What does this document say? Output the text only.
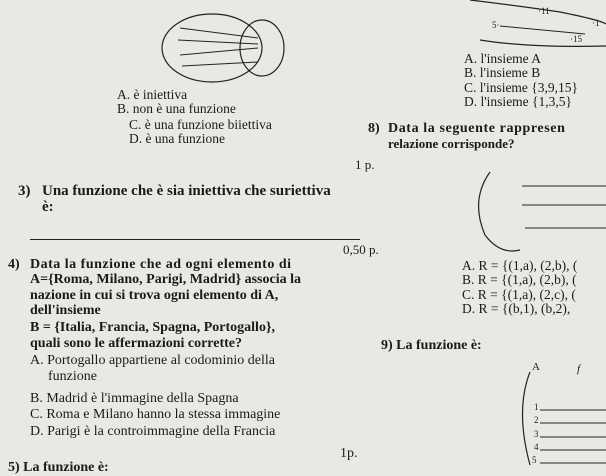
·11
5·	·1
·15
A. l'insieme A
B. l'insieme B
C. l'insieme {3,9,15}
D. l'insieme {1,3,5}
A. è iniettiva
B. non è una funzione
C. è una funzione biiettiva
D. è una funzione
8) Data la seguente rappresen
relazione corrisponde?
1 p.
3) Una funzione che è sia iniettiva che suriettiva
è:
0,50 p.
4) Data la funzione che ad ogni elemento di
A={Roma, Milano, Parigi, Madrid} associa la
nazione in cui si trova ogni elemento di A,
dell'insieme
B = {Italia, Francia, Spagna, Portogallo},
quali sono le affermazioni corrette?
A. Portogallo appartiene al codominio della
funzione
B. Madrid è l'immagine della Spagna
C. Roma e Milano hanno la stessa immagine
D. Parigi è la controimmagine della Francia
1p.
5) La funzione è:
A. R = {(1,a), (2,b), (
B. R = {(1,a), (2,b), (
C. R = {(1,a), (2,c), (
D. R = {(b,1), (b,2),
9) La funzione è:
A	f
1
2
3
4
5
